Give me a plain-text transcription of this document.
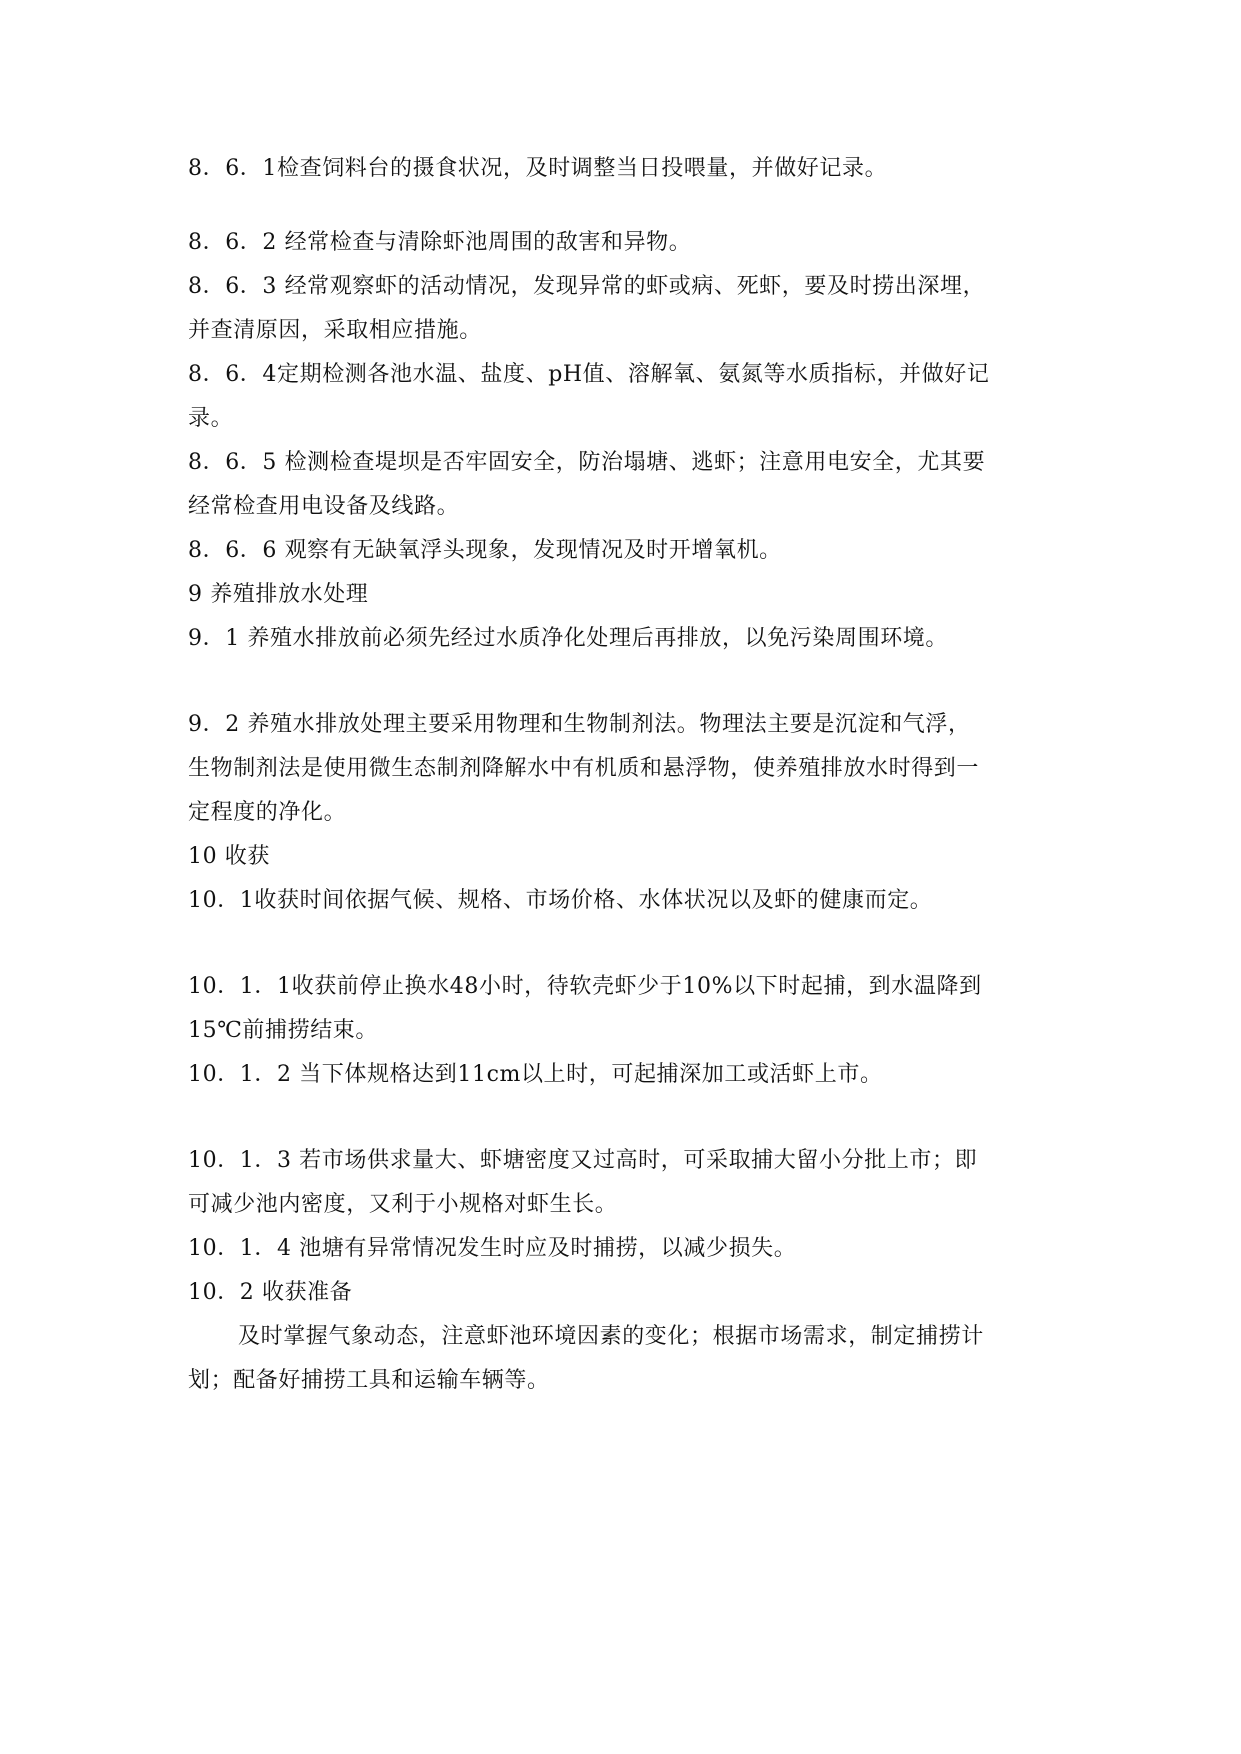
8．6．1检查饲料台的摄食状况，及时调整当日投喂量，并做好记录。
8．6．2 经常检查与清除虾池周围的敌害和异物。
8．6．3 经常观察虾的活动情况，发现异常的虾或病、死虾，要及时捞出深埋，
并查清原因，采取相应措施。
8．6．4定期检测各池水温、盐度、pH值、溶解氧、氨氮等水质指标，并做好记
录。
8．6．5 检测检查堤坝是否牢固安全，防治塌塘、逃虾；注意用电安全，尤其要
经常检查用电设备及线路。
8．6．6 观察有无缺氧浮头现象，发现情况及时开增氧机。
9 养殖排放水处理
9．1 养殖水排放前必须先经过水质净化处理后再排放，以免污染周围环境。
9．2 养殖水排放处理主要采用物理和生物制剂法。物理法主要是沉淀和气浮，
生物制剂法是使用微生态制剂降解水中有机质和悬浮物，使养殖排放水时得到一
定程度的净化。
10 收获
10．1收获时间依据气候、规格、市场价格、水体状况以及虾的健康而定。
10．1．1收获前停止换水48小时，待软壳虾少于10%以下时起捕，到水温降到
15℃前捕捞结束。
10．1．2 当下体规格达到11cm以上时，可起捕深加工或活虾上市。
10．1．3 若市场供求量大、虾塘密度又过高时，可采取捕大留小分批上市；即
可减少池内密度，又利于小规格对虾生长。
10．1．4 池塘有异常情况发生时应及时捕捞，以减少损失。
10．2 收获准备
及时掌握气象动态，注意虾池环境因素的变化；根据市场需求，制定捕捞计
划；配备好捕捞工具和运输车辆等。
